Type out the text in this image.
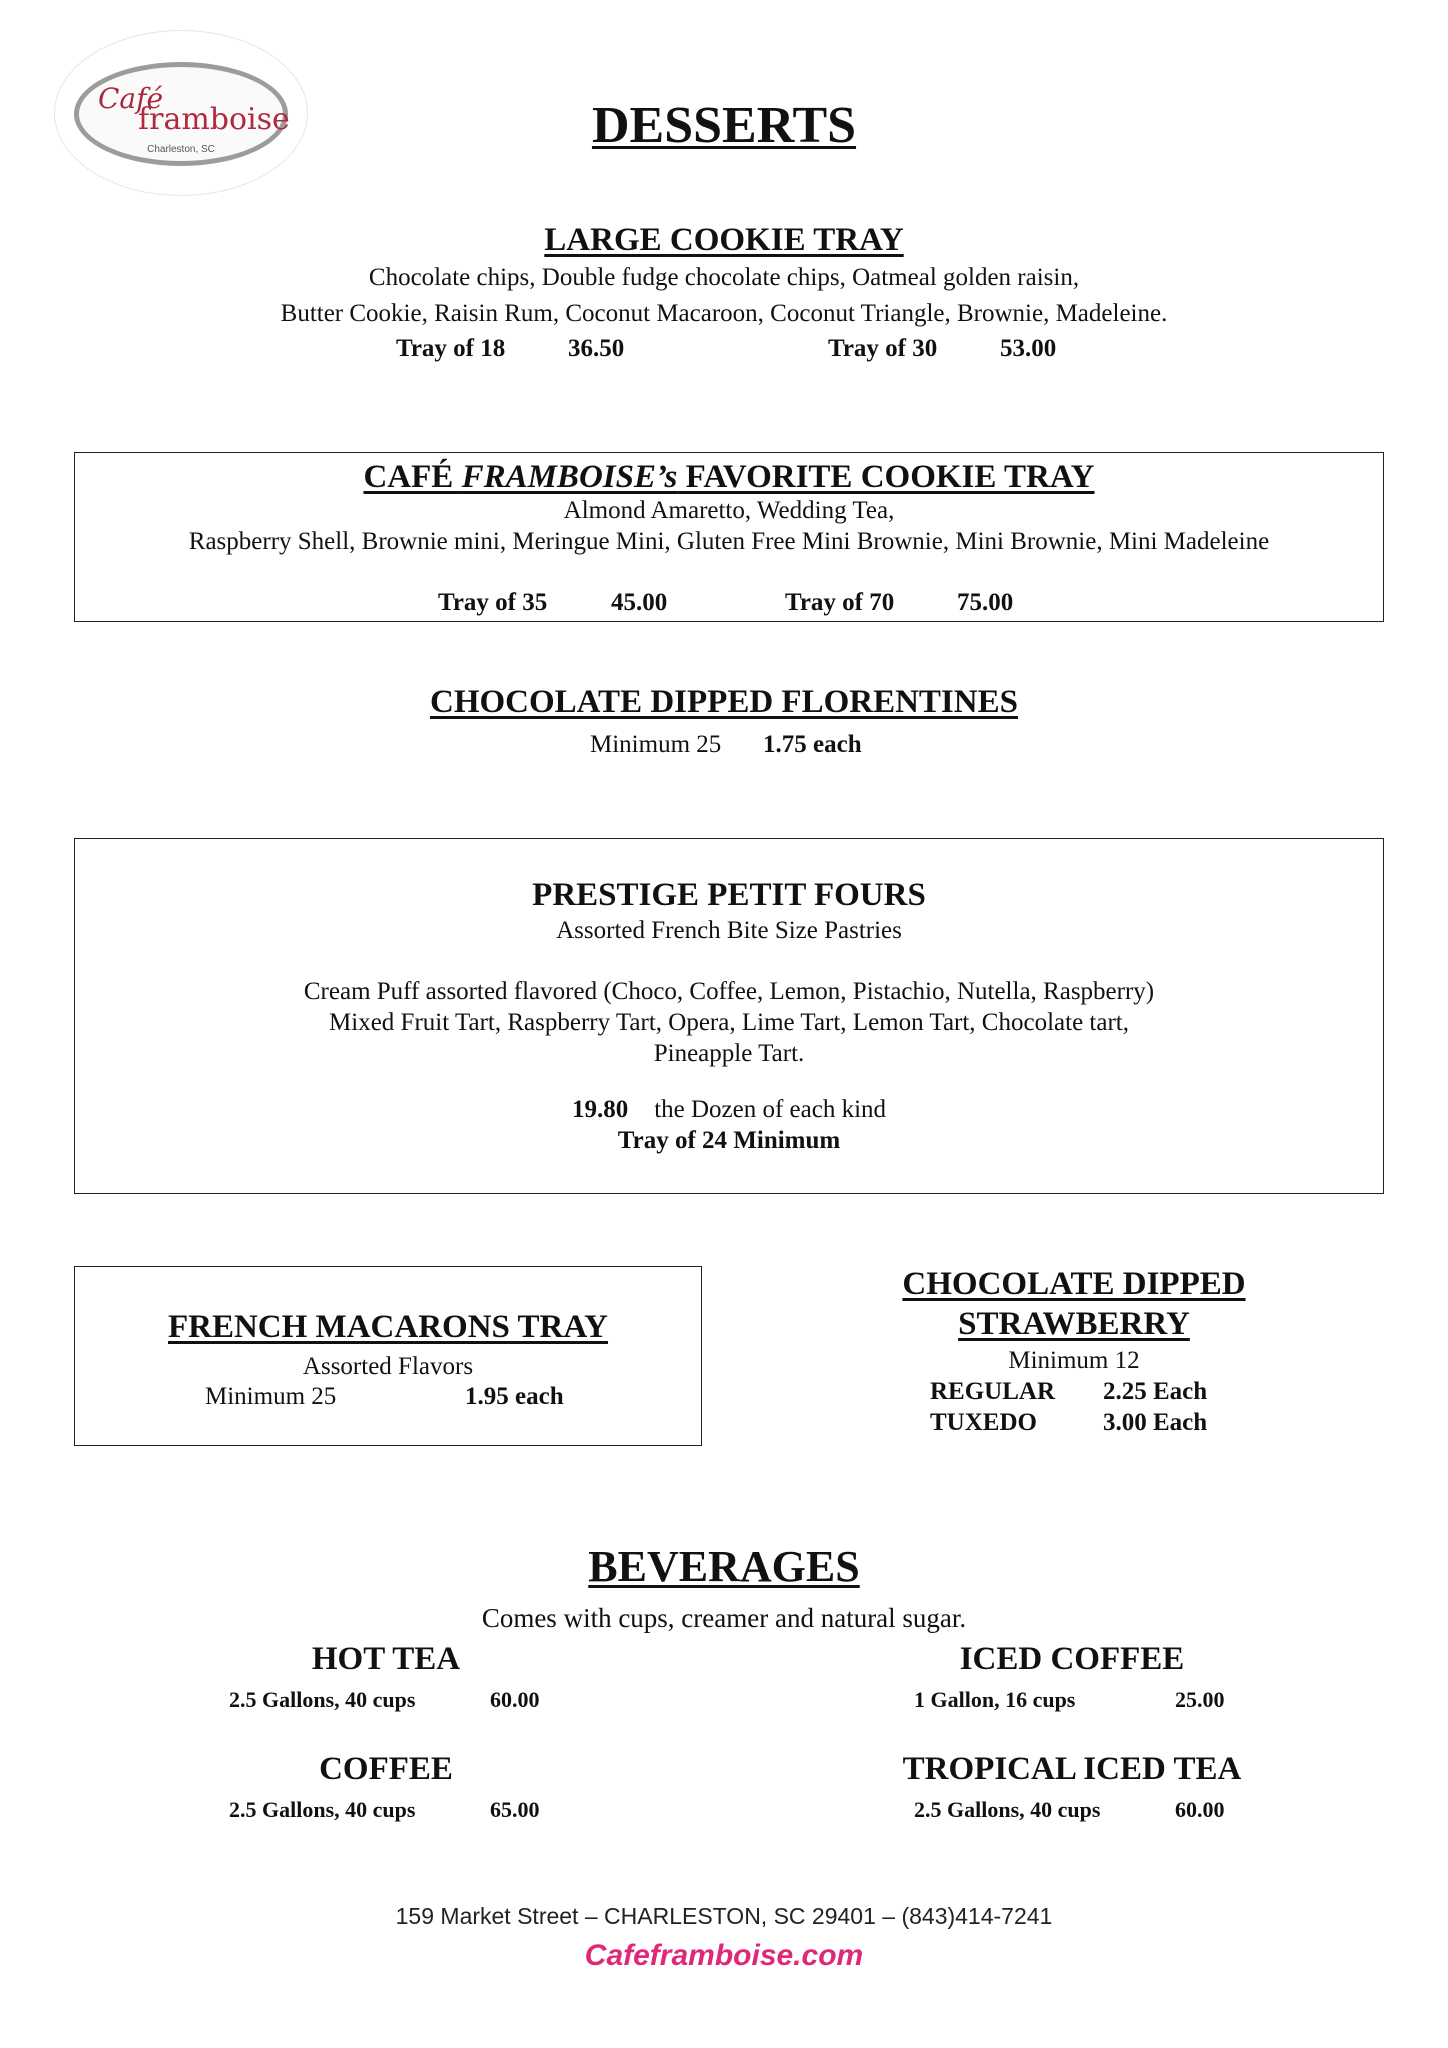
Café
framboise
Charleston, SC	DESSERTS
LARGE COOKIE TRAY
Chocolate chips, Double fudge chocolate chips, Oatmeal golden raisin,
Butter Cookie, Raisin Rum, Coconut Macaroon, Coconut Triangle, Brownie, Madeleine.
Tray of 18	36.50	Tray of 30	53.00
CAFÉ FRAMBOISE’s FAVORITE COOKIE TRAY
Almond Amaretto, Wedding Tea,
Raspberry Shell, Brownie mini, Meringue Mini, Gluten Free Mini Brownie, Mini Brownie, Mini Madeleine
Tray of 35	45.00	Tray of 70	75.00
CHOCOLATE DIPPED FLORENTINES
Minimum 25 1.75 each
PRESTIGE PETIT FOURS
Assorted French Bite Size Pastries
Cream Puff assorted flavored (Choco, Coffee, Lemon, Pistachio, Nutella, Raspberry)
Mixed Fruit Tart, Raspberry Tart, Opera, Lime Tart, Lemon Tart, Chocolate tart,
Pineapple Tart.
19.80 the Dozen of each kind
Tray of 24 Minimum
FRENCH MACARONS TRAY
Assorted Flavors
Minimum 25	1.95 each
CHOCOLATE DIPPED
STRAWBERRY
Minimum 12
REGULAR 2.25 Each
TUXEDO	3.00 Each
BEVERAGES
Comes with cups, creamer and natural sugar.
HOT TEA
2.5 Gallons, 40 cups	60.00
ICED COFFEE
1 Gallon, 16 cups	25.00
COFFEE
2.5 Gallons, 40 cups	65.00
TROPICAL ICED TEA
2.5 Gallons, 40 cups	60.00
159 Market Street – CHARLESTON, SC 29401 – (843)414-7241
Cafeframboise.com
